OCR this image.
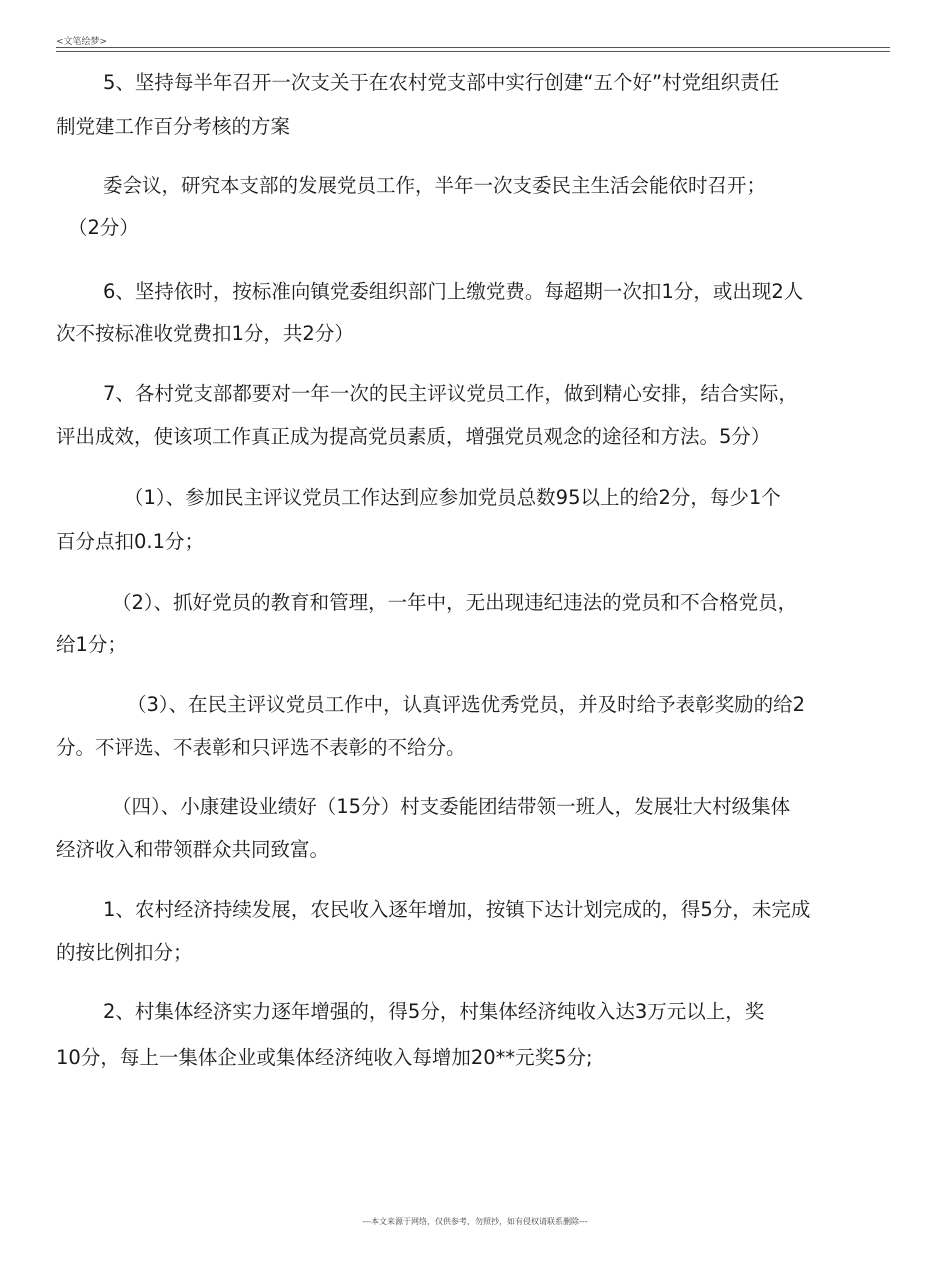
<文笔绘梦>
5、坚持每半年召开一次支关于在农村党支部中实行创建“五个好”村党组织责任
制党建工作百分考核的方案
委会议，研究本支部的发展党员工作，半年一次支委民主生活会能依时召开；
（2分）
6、坚持依时，按标准向镇党委组织部门上缴党费。每超期一次扣1分，或出现2人
次不按标准收党费扣1分，共2分）
7、各村党支部都要对一年一次的民主评议党员工作，做到精心安排，结合实际，
评出成效，使该项工作真正成为提高党员素质，增强党员观念的途径和方法。5分）
（1）、参加民主评议党员工作达到应参加党员总数95以上的给2分，每少1个
百分点扣0.1分；
（2）、抓好党员的教育和管理，一年中，无出现违纪违法的党员和不合格党员，
给1分；
（3）、在民主评议党员工作中，认真评选优秀党员，并及时给予表彰奖励的给2
分。不评选、不表彰和只评选不表彰的不给分。
（四）、小康建设业绩好（15分）村支委能团结带领一班人，发展壮大村级集体
经济收入和带领群众共同致富。
1、农村经济持续发展，农民收入逐年增加，按镇下达计划完成的，得5分，未完成
的按比例扣分；
2、村集体经济实力逐年增强的，得5分，村集体经济纯收入达3万元以上，奖
10分，每上一集体企业或集体经济纯收入每增加20**元奖5分;
---本文来源于网络，仅供参考，勿照抄，如有侵权请联系删除---
